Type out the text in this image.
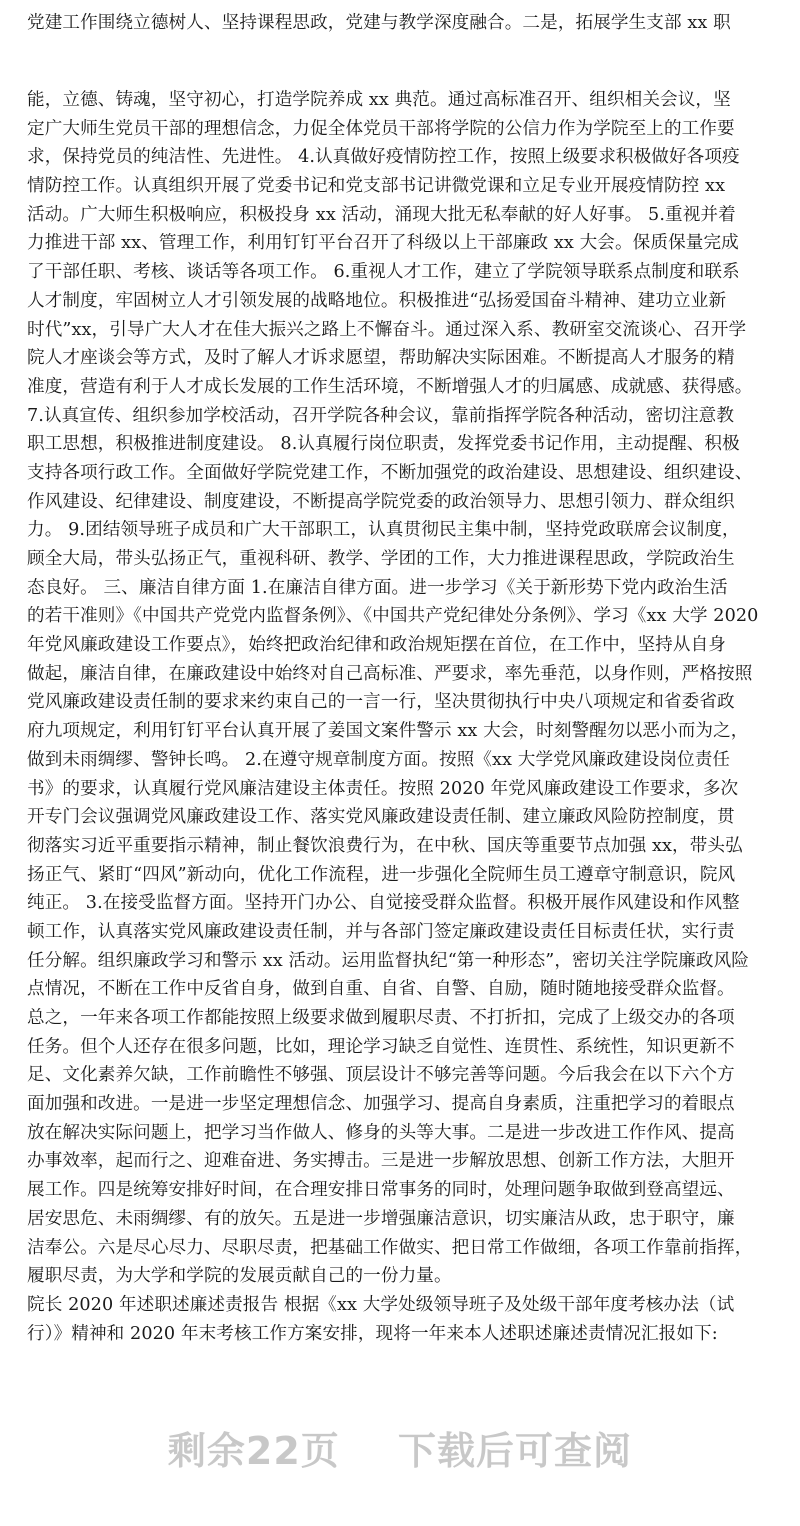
党建工作围绕立德树人、坚持课程思政，党建与教学深度融合。二是，拓展学生支部 xx 职
能，立德、铸魂，坚守初心，打造学院养成 xx 典范。通过高标准召开、组织相关会议，坚
定广大师生党员干部的理想信念，力促全体党员干部将学院的公信力作为学院至上的工作要
求，保持党员的纯洁性、先进性。 4.认真做好疫情防控工作，按照上级要求积极做好各项疫
情防控工作。认真组织开展了党委书记和党支部书记讲微党课和立足专业开展疫情防控 xx
活动。广大师生积极响应，积极投身 xx 活动，涌现大批无私奉献的好人好事。 5.重视并着
力推进干部 xx、管理工作，利用钉钉平台召开了科级以上干部廉政 xx 大会。保质保量完成
了干部任职、考核、谈话等各项工作。 6.重视人才工作，建立了学院领导联系点制度和联系
人才制度，牢固树立人才引领发展的战略地位。积极推进“弘扬爱国奋斗精神、建功立业新
时代”xx，引导广大人才在佳大振兴之路上不懈奋斗。通过深入系、教研室交流谈心、召开学
院人才座谈会等方式，及时了解人才诉求愿望，帮助解决实际困难。不断提高人才服务的精
准度，营造有利于人才成长发展的工作生活环境，不断增强人才的归属感、成就感、获得感。
7.认真宣传、组织参加学校活动，召开学院各种会议，靠前指挥学院各种活动，密切注意教
职工思想，积极推进制度建设。 8.认真履行岗位职责，发挥党委书记作用，主动提醒、积极
支持各项行政工作。全面做好学院党建工作，不断加强党的政治建设、思想建设、组织建设、
作风建设、纪律建设、制度建设，不断提高学院党委的政治领导力、思想引领力、群众组织
力。 9.团结领导班子成员和广大干部职工，认真贯彻民主集中制，坚持党政联席会议制度，
顾全大局，带头弘扬正气，重视科研、教学、学团的工作，大力推进课程思政，学院政治生
态良好。 三、廉洁自律方面 1.在廉洁自律方面。进一步学习《关于新形势下党内政治生活
的若干准则》《中国共产党党内监督条例》、《中国共产党纪律处分条例》、学习《xx 大学 2020
年党风廉政建设工作要点》，始终把政治纪律和政治规矩摆在首位，在工作中，坚持从自身
做起，廉洁自律，在廉政建设中始终对自己高标准、严要求，率先垂范，以身作则，严格按照
党风廉政建设责任制的要求来约束自己的一言一行，坚决贯彻执行中央八项规定和省委省政
府九项规定，利用钉钉平台认真开展了姜国文案件警示 xx 大会，时刻警醒勿以恶小而为之，
做到未雨绸缪、警钟长鸣。 2.在遵守规章制度方面。按照《xx 大学党风廉政建设岗位责任
书》的要求，认真履行党风廉洁建设主体责任。按照 2020 年党风廉政建设工作要求，多次
开专门会议强调党风廉政建设工作、落实党风廉政建设责任制、建立廉政风险防控制度，贯
彻落实习近平重要指示精神，制止餐饮浪费行为，在中秋、国庆等重要节点加强 xx，带头弘
扬正气、紧盯“四风”新动向，优化工作流程，进一步强化全院师生员工遵章守制意识，院风
纯正。 3.在接受监督方面。坚持开门办公、自觉接受群众监督。积极开展作风建设和作风整
顿工作，认真落实党风廉政建设责任制，并与各部门签定廉政建设责任目标责任状，实行责
任分解。组织廉政学习和警示 xx 活动。运用监督执纪“第一种形态”，密切关注学院廉政风险
点情况，不断在工作中反省自身，做到自重、自省、自警、自励，随时随地接受群众监督。
总之，一年来各项工作都能按照上级要求做到履职尽责、不打折扣，完成了上级交办的各项
任务。但个人还存在很多问题，比如，理论学习缺乏自觉性、连贯性、系统性，知识更新不
足、文化素养欠缺，工作前瞻性不够强、顶层设计不够完善等问题。今后我会在以下六个方
面加强和改进。一是进一步坚定理想信念、加强学习、提高自身素质，注重把学习的着眼点
放在解决实际问题上，把学习当作做人、修身的头等大事。二是进一步改进工作作风、提高
办事效率，起而行之、迎难奋进、务实搏击。三是进一步解放思想、创新工作方法，大胆开
展工作。四是统筹安排好时间，在合理安排日常事务的同时，处理问题争取做到登高望远、
居安思危、未雨绸缪、有的放矢。五是进一步增强廉洁意识，切实廉洁从政，忠于职守，廉
洁奉公。六是尽心尽力、尽职尽责，把基础工作做实、把日常工作做细，各项工作靠前指挥，
履职尽责，为大学和学院的发展贡献自己的一份力量。
院长 2020 年述职述廉述责报告 根据《xx 大学处级领导班子及处级干部年度考核办法（试
行）》精神和 2020 年末考核工作方案安排，现将一年来本人述职述廉述责情况汇报如下:
剩余22页 下载后可查阅
